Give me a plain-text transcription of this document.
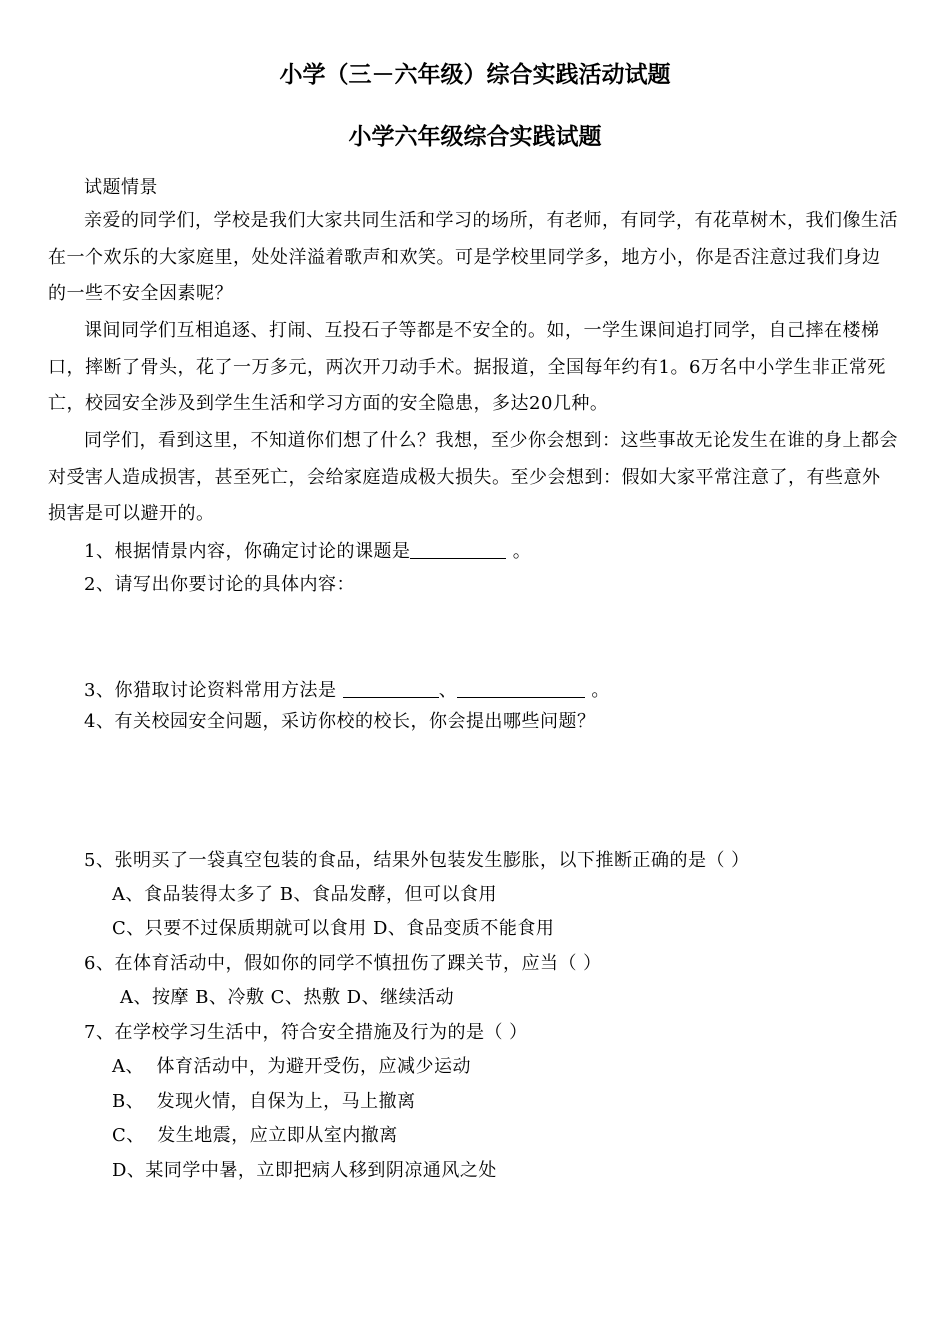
小学（三－六年级）综合实践活动试题
小学六年级综合实践试题

试题情景

亲爱的同学们，学校是我们大家共同生活和学习的场所，有老师，有同学，有花草树木，我们像生活在一个欢乐的大家庭里，处处洋溢着歌声和欢笑。可是学校里同学多，地方小，你是否注意过我们身边的一些不安全因素呢？

课间同学们互相追逐、打闹、互投石子等都是不安全的。如，一学生课间追打同学，自己摔在楼梯口，摔断了骨头，花了一万多元，两次开刀动手术。据报道，全国每年约有1。6万名中小学生非正常死亡，校园安全涉及到学生生活和学习方面的安全隐患，多达20几种。

同学们，看到这里，不知道你们想了什么？我想，至少你会想到：这些事故无论发生在谁的身上都会对受害人造成损害，甚至死亡，会给家庭造成极大损失。至少会想到：假如大家平常注意了，有些意外损害是可以避开的。

1、根据情景内容，你确定讨论的课题是	。

2、请写出你要讨论的具体内容：

3、你猎取讨论资料常用方法是	、	。

4、有关校园安全问题，采访你校的校长，你会提出哪些问题？

5、张明买了一袋真空包装的食品，结果外包装发生膨胀，以下推断正确的是（ ）

A、食品装得太多了 B、食品发酵，但可以食用

C、只要不过保质期就可以食用 D、食品变质不能食用

6、在体育活动中，假如你的同学不慎扭伤了踝关节，应当（ ）

A、按摩 B、冷敷 C、热敷 D、继续活动

7、在学校学习生活中，符合安全措施及行为的是（ ）

A、  体育活动中，为避开受伤，应减少运动

B、  发现火情，自保为上，马上撤离

C、  发生地震，应立即从室内撤离

D、某同学中暑，立即把病人移到阴凉通风之处
